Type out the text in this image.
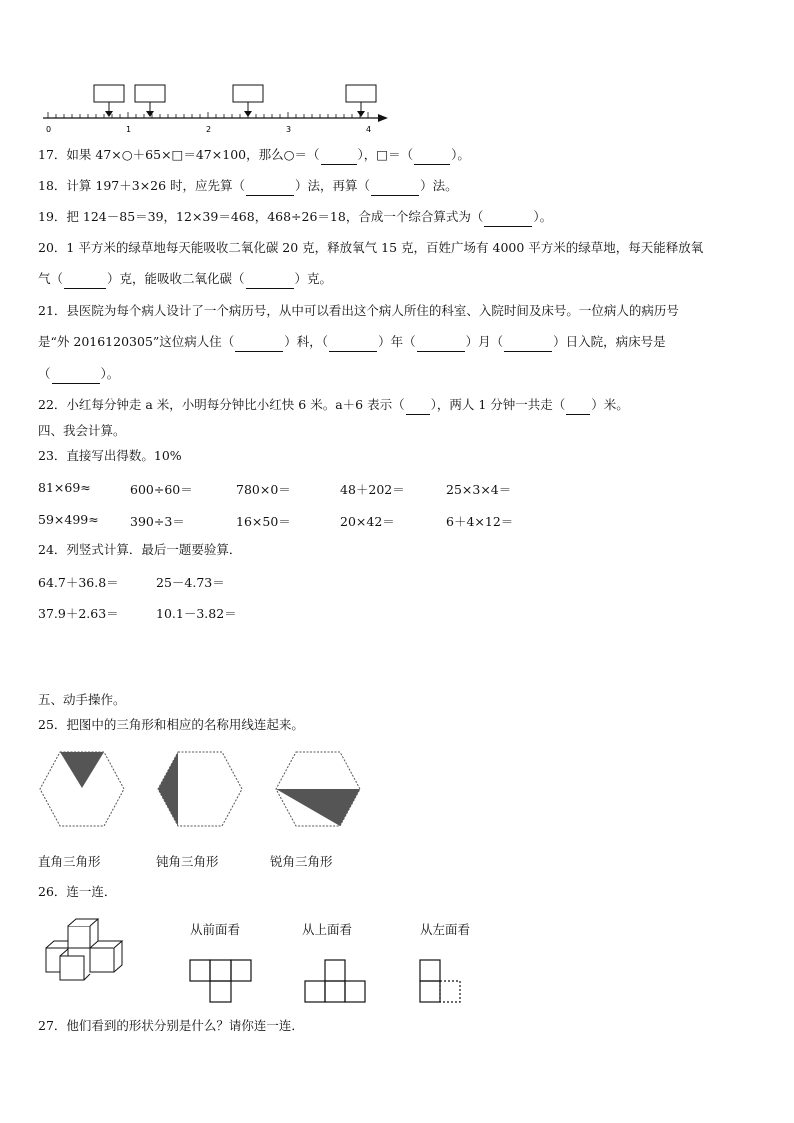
0	1	2	3	4
17．如果 47×○＋65×□＝47×100，那么○＝（	），□＝（	）。
18．计算 197＋3×26 时，应先算（	）法，再算（	）法。
19．把 124－85＝39，12×39＝468，468÷26＝18，合成一个综合算式为（	）。
20．1 平方米的绿草地每天能吸收二氧化碳 20 克，释放氧气 15 克，百姓广场有 4000 平方米的绿草地，每天能释放氧
气（	）克，能吸收二氧化碳（	）克。
21．县医院为每个病人设计了一个病历号，从中可以看出这个病人所住的科室、入院时间及床号。一位病人的病历号
是“外 2016120305”这位病人住（	）科，（	）年（	）月（	）日入院，病床号是
（	）。
22．小红每分钟走 a 米，小明每分钟比小红快 6 米。a＋6 表示（ ），两人 1 分钟一共走（ ）米。
四、我会计算。
23．直接写出得数。10%
81×69≈	600÷60＝	780×0＝	48＋202＝	25×3×4＝
59×499≈	390÷3＝	16×50＝	20×42＝	6＋4×12＝
24．列竖式计算．最后一题要验算．
64.7＋36.8＝	25－4.73＝
37.9＋2.63＝	10.1－3.82＝
五、动手操作。
25．把图中的三角形和相应的名称用线连起来。
直角三角形	钝角三角形	锐角三角形
26．连一连．
从前面看	从上面看	从左面看
27．他们看到的形状分别是什么？请你连一连．
